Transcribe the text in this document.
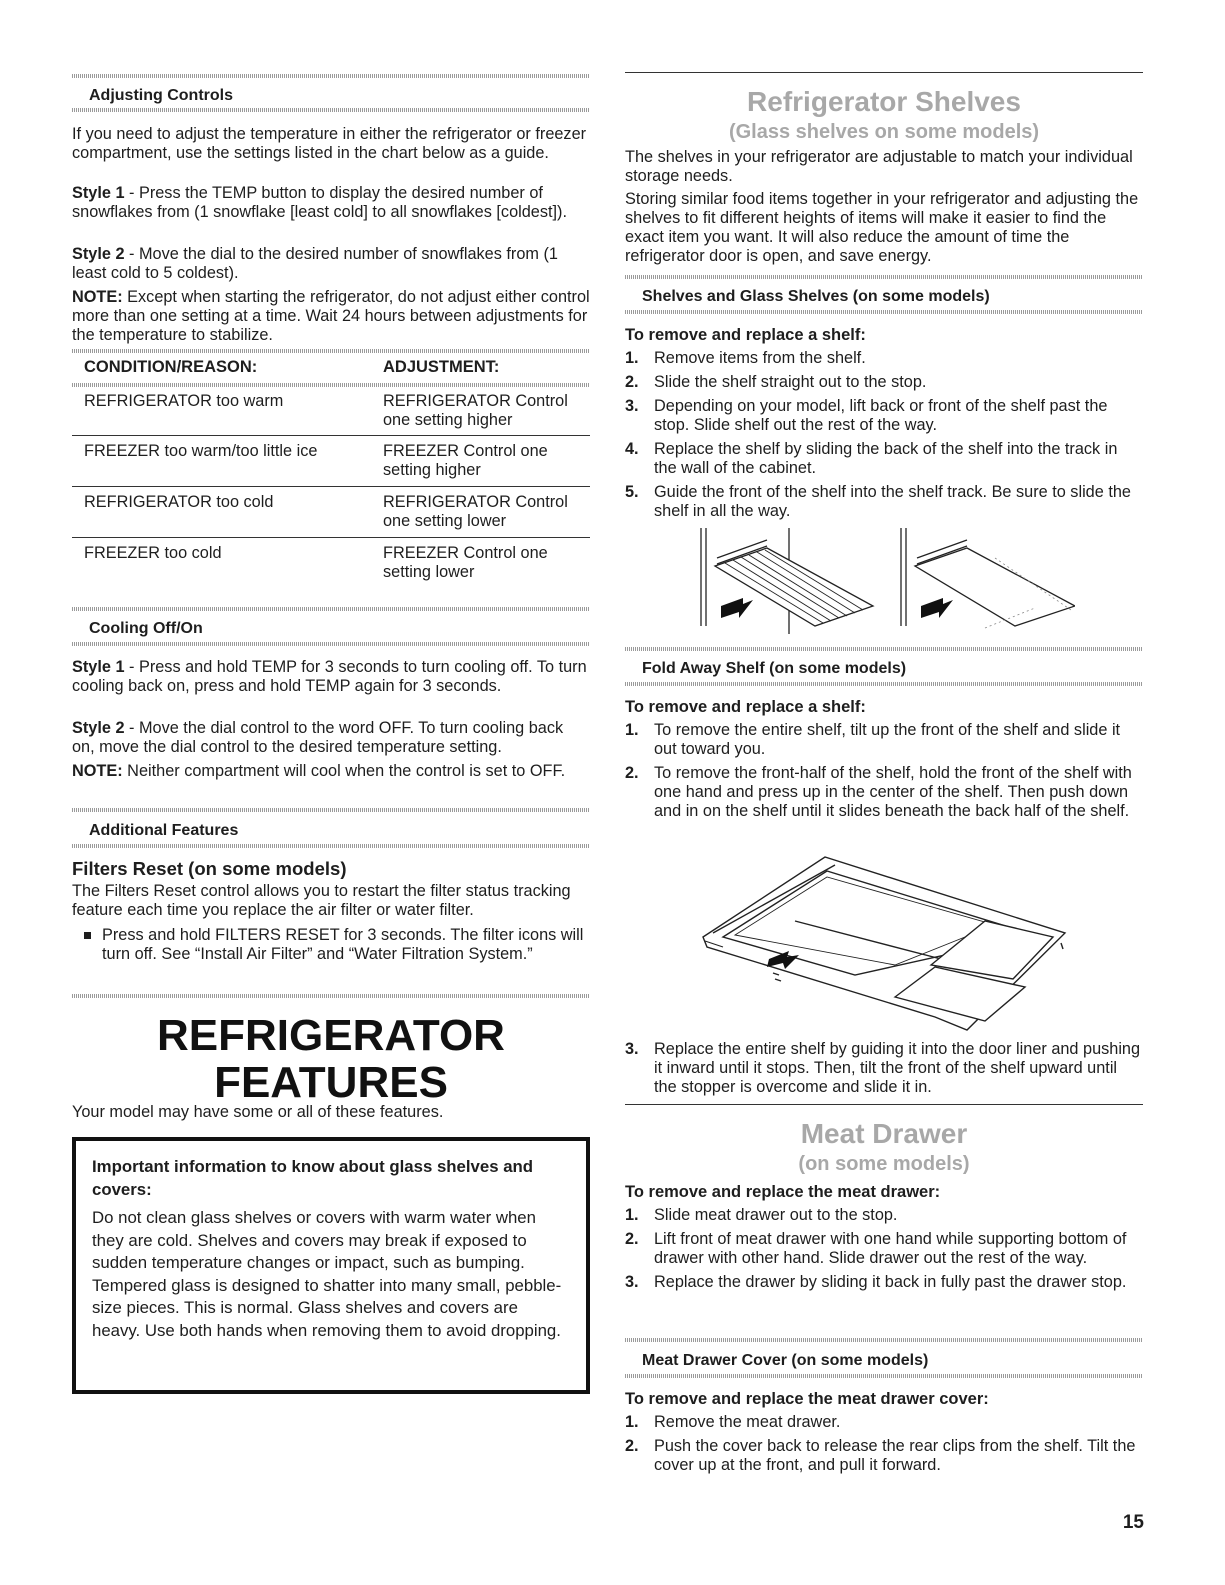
Adjusting Controls

If you need to adjust the temperature in either the refrigerator or freezer compartment, use the settings listed in the chart below as a guide.

Style 1 - Press the TEMP button to display the desired number of snowflakes from (1 snowflake [least cold] to all snowflakes [coldest]).

Style 2 - Move the dial to the desired number of snowflakes from (1 least cold to 5 coldest).

NOTE: Except when starting the refrigerator, do not adjust either control more than one setting at a time. Wait 24 hours between adjustments for the temperature to stabilize.

CONDITION/REASON:	ADJUSTMENT:
REFRIGERATOR too warm	REFRIGERATOR Control one setting higher
FREEZER too warm/too little ice	FREEZER Control one setting higher
REFRIGERATOR too cold	REFRIGERATOR Control one setting lower
FREEZER too cold	FREEZER Control one setting lower
Cooling Off/On

Style 1 - Press and hold TEMP for 3 seconds to turn cooling off. To turn cooling back on, press and hold TEMP again for 3 seconds.

Style 2 - Move the dial control to the word OFF. To turn cooling back on, move the dial control to the desired temperature setting.

NOTE: Neither compartment will cool when the control is set to OFF.

Additional Features
Filters Reset (on some models)

The Filters Reset control allows you to restart the filter status tracking feature each time you replace the air filter or water filter.

Press and hold FILTERS RESET for 3 seconds. The filter icons will turn off. See “Install Air Filter” and “Water Filtration System.”

REFRIGERATOR
FEATURES

Your model may have some or all of these features.

Important information to know about glass shelves and covers:
Do not clean glass shelves or covers with warm water when they are cold. Shelves and covers may break if exposed to sudden temperature changes or impact, such as bumping. Tempered glass is designed to shatter into many small, pebble-size pieces. This is normal. Glass shelves and covers are heavy. Use both hands when removing them to avoid dropping.
Refrigerator Shelves
(Glass shelves on some models)

The shelves in your refrigerator are adjustable to match your individual storage needs.

Storing similar food items together in your refrigerator and adjusting the shelves to fit different heights of items will make it easier to find the exact item you want. It will also reduce the amount of time the refrigerator door is open, and save energy.

Shelves and Glass Shelves (on some models)
To remove and replace a shelf:
1. Remove items from the shelf.
2. Slide the shelf straight out to the stop.
3. Depending on your model, lift back or front of the shelf past the stop. Slide shelf out the rest of the way.
4. Replace the shelf by sliding the back of the shelf into the track in the wall of the cabinet.
5. Guide the front of the shelf into the shelf track. Be sure to slide the shelf in all the way.
Fold Away Shelf (on some models)
To remove and replace a shelf:
1. To remove the entire shelf, tilt up the front of the shelf and slide it out toward you.
2. To remove the front-half of the shelf, hold the front of the shelf with one hand and press up in the center of the shelf. Then push down and in on the shelf until it slides beneath the back half of the shelf.
3. Replace the entire shelf by guiding it into the door liner and pushing it inward until it stops. Then, tilt the front of the shelf upward until the stopper is overcome and slide it in.
Meat Drawer
(on some models)
To remove and replace the meat drawer:
1. Slide meat drawer out to the stop.
2. Lift front of meat drawer with one hand while supporting bottom of drawer with other hand. Slide drawer out the rest of the way.
3. Replace the drawer by sliding it back in fully past the drawer stop.
Meat Drawer Cover (on some models)
To remove and replace the meat drawer cover:
1. Remove the meat drawer.
2. Push the cover back to release the rear clips from the shelf. Tilt the cover up at the front, and pull it forward.
15
